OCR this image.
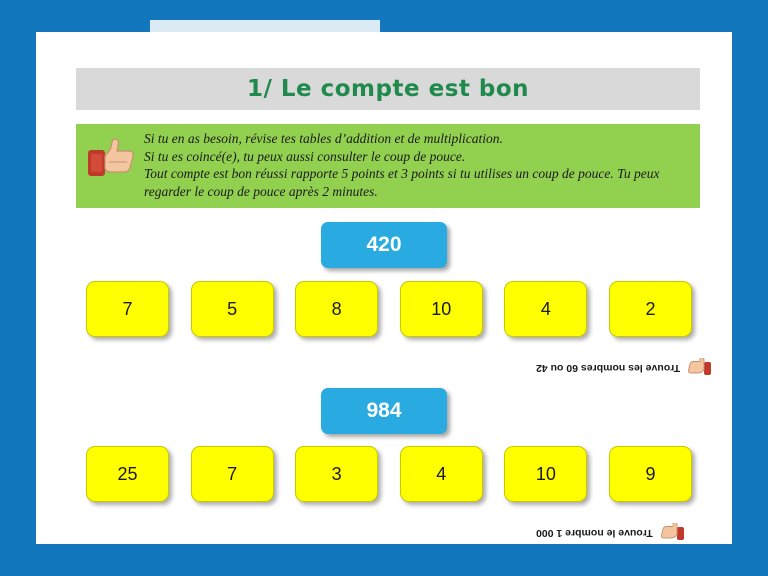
1/ Le compte est bon
Si tu en as besoin, révise tes tables d’addition et de multiplication.
Si tu es coincé(e), tu peux aussi consulter le coup de pouce.
Tout compte est bon réussi rapporte 5 points et 3 points si tu utilises un coup de pouce. Tu peux regarder le coup de pouce après 2 minutes.
420
7	5	8	10	4	2
Trouve les nombres 60 ou 42
984
25	7	3	4	10	9
Trouve le nombre 1 000
